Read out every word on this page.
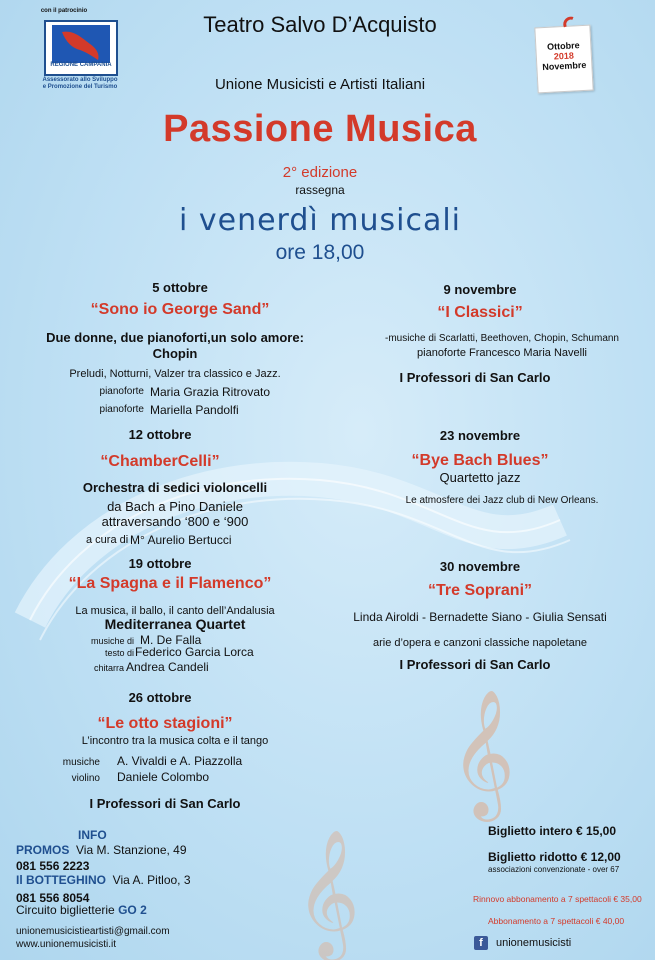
𝄞
𝄞
con il patrocinio
REGIONE CAMPANIA
Assessorato allo Sviluppo
e Promozione del Turismo
Teatro Salvo D’Acquisto
Unione Musicisti e Artisti Italiani
Passione Musica
2° edizione
rassegna
i venerdì musicali
ore 18,00
Ottobre
2018
Novembre
5 ottobre
“Sono io George Sand”
Due donne, due pianoforti,un solo amore:
Chopin
Preludi, Notturni, Valzer tra classico e Jazz.
pianoforte Maria Grazia Ritrovato
pianoforte Mariella Pandolfi
12 ottobre
“ChamberCelli”
Orchestra di sedici violoncelli
da Bach a Pino Daniele
attraversando ‘800 e ‘900
a cura di M° Aurelio Bertucci
19 ottobre
“La Spagna e il Flamenco”
La musica, il ballo, il canto dell’Andalusia
Mediterranea Quartet
musiche di M. De Falla
testo di Federico Garcia Lorca
chitarra Andrea Candeli
26 ottobre
“Le otto stagioni”
L’incontro tra la musica colta e il tango
musiche A. Vivaldi e A. Piazzolla
violino Daniele Colombo
I Professori di San Carlo
9 novembre
“I Classici”
-musiche di Scarlatti, Beethoven, Chopin, Schumann
pianoforte Francesco Maria Navelli
I Professori di San Carlo
23 novembre
“Bye Bach Blues”
Quartetto jazz
Le atmosfere dei Jazz club di New Orleans.
30 novembre
“Tre Soprani”
Linda Airoldi - Bernadette Siano - Giulia Sensati
arie d’opera e canzoni classiche napoletane
I Professori di San Carlo
INFO
PROMOS Via M. Stanzione, 49
081 556 2223
Il BOTTEGHINO Via A. Pitloo, 3
081 556 8054
Circuito biglietterie GO 2
unionemusicistieartisti@gmail.com
www.unionemusicisti.it
Biglietto intero € 15,00
Biglietto ridotto € 12,00
associazioni convenzionate - over 67
Rinnovo abbonamento a 7 spettacoli € 35,00
Abbonamento a 7 spettacoli € 40,00
f	unionemusicisti
